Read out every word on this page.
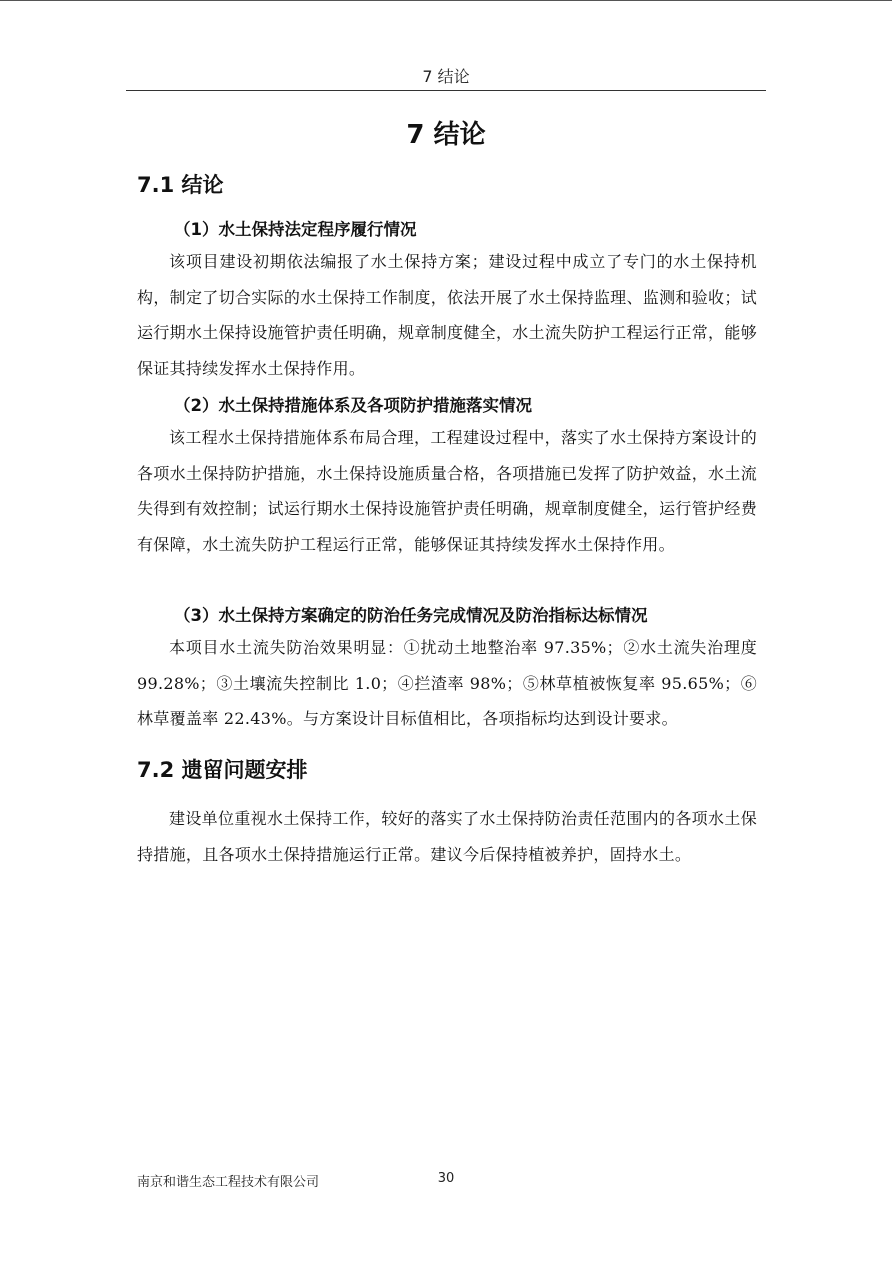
7 结论
7 结论
7.1 结论
（1）水土保持法定程序履行情况

该项目建设初期依法编报了水土保持方案；建设过程中成立了专门的水土保持机构，制定了切合实际的水土保持工作制度，依法开展了水土保持监理、监测和验收；试运行期水土保持设施管护责任明确，规章制度健全，水土流失防护工程运行正常，能够保证其持续发挥水土保持作用。

（2）水土保持措施体系及各项防护措施落实情况

该工程水土保持措施体系布局合理，工程建设过程中，落实了水土保持方案设计的各项水土保持防护措施，水土保持设施质量合格，各项措施已发挥了防护效益，水土流失得到有效控制；试运行期水土保持设施管护责任明确，规章制度健全，运行管护经费有保障，水土流失防护工程运行正常，能够保证其持续发挥水土保持作用。

（3）水土保持方案确定的防治任务完成情况及防治指标达标情况

本项目水土流失防治效果明显：①扰动土地整治率 97.35%；②水土流失治理度 99.28%；③土壤流失控制比 1.0；④拦渣率 98%；⑤林草植被恢复率 95.65%；⑥林草覆盖率 22.43%。与方案设计目标值相比，各项指标均达到设计要求。

7.2 遗留问题安排

建设单位重视水土保持工作，较好的落实了水土保持防治责任范围内的各项水土保持措施，且各项水土保持措施运行正常。建议今后保持植被养护，固持水土。

南京和谐生态工程技术有限公司	30
